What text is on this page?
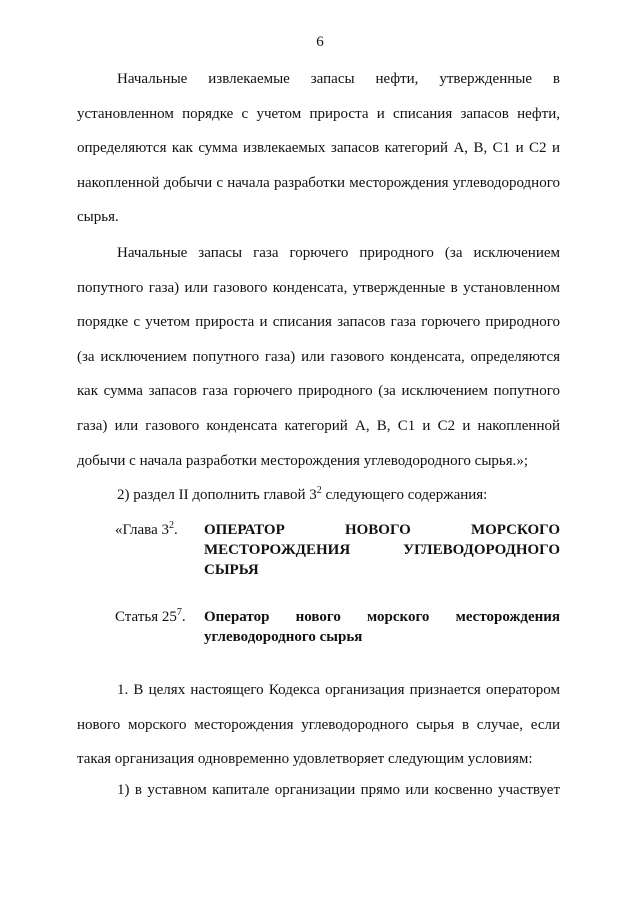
6
Начальные извлекаемые запасы нефти, утвержденные в
установленном порядке с учетом прироста и списания запасов нефти,
определяются как сумма извлекаемых запасов категорий А, В, С1 и С2 и
накопленной добычи с начала разработки месторождения углеводородного
сырья.
Начальные запасы газа горючего природного (за исключением
попутного газа) или газового конденсата, утвержденные в установленном
порядке с учетом прироста и списания запасов газа горючего природного
(за исключением попутного газа) или газового конденсата, определяются
как сумма запасов газа горючего природного (за исключением попутного
газа) или газового конденсата категорий А, В, С1 и С2 и накопленной
добычи с начала разработки месторождения углеводородного сырья.»;
2) раздел II дополнить главой $3^2$ следующего содержания:
«Глава $3^2$. ОПЕРАТОР НОВОГО МОРСКОГО
МЕСТОРОЖДЕНИЯ УГЛЕВОДОРОДНОГО
СЫРЬЯ
Статья $25^7$. Оператор нового морского месторождения
углеводородного сырья
1. В целях настоящего Кодекса организация признается оператором
нового морского месторождения углеводородного сырья в случае, если
такая организация одновременно удовлетворяет следующим условиям:
1) в уставном капитале организации прямо или косвенно участвует
